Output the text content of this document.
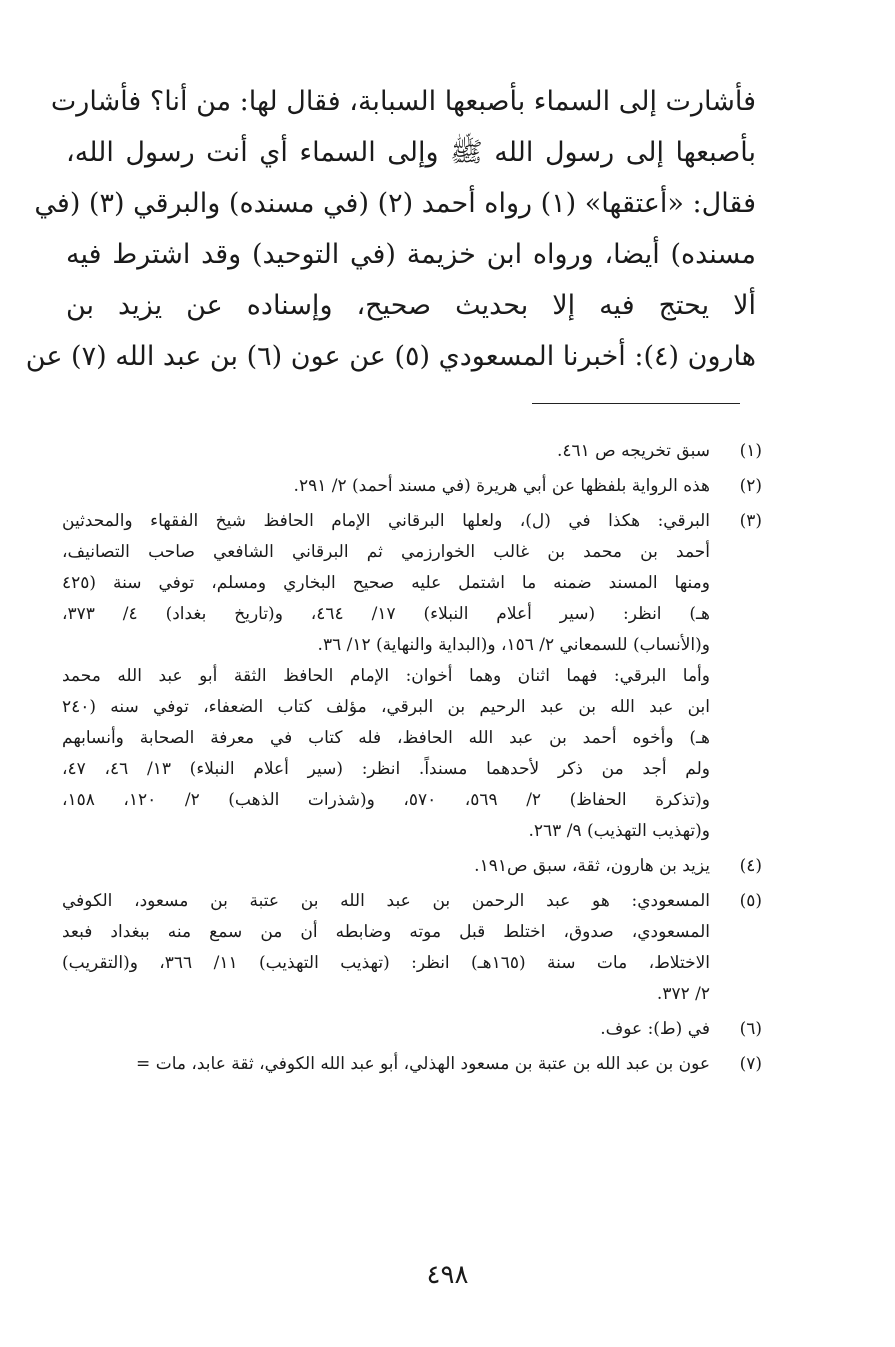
فأشارت إلى السماء بأصبعها السبابة، فقال لها: من أنا؟ فأشارت
بأصبعها إلى رسول الله ﷺ وإلى السماء أي أنت رسول الله،
فقال: «أعتقها» (١) رواه أحمد (٢) (في مسنده) والبرقي (٣) (في
مسنده) أيضا، ورواه ابن خزيمة (في التوحيد) وقد اشترط فيه
ألا يحتج فيه إلا بحديث صحيح، وإسناده عن يزيد بن
هارون (٤): أخبرنا المسعودي (٥) عن عون (٦) بن عبد الله (٧) عن
(١)
سبق تخريجه ص ٤٦١.
(٢)
هذه الرواية بلفظها عن أبي هريرة (في مسند أحمد) ٢/ ٢٩١.
(٣)
البرقي: هكذا في (ل)، ولعلها البرقاني الإمام الحافظ شيخ الفقهاء والمحدثين
أحمد بن محمد بن غالب الخوارزمي ثم البرقاني الشافعي صاحب التصانيف،
ومنها المسند ضمنه ما اشتمل عليه صحيح البخاري ومسلم، توفي سنة (٤٢٥
هـ) انظر: (سير أعلام النبلاء) ١٧/ ٤٦٤، و(تاريخ بغداد) ٤/ ٣٧٣،
و(الأنساب) للسمعاني ٢/ ١٥٦، و(البداية والنهاية) ١٢/ ٣٦.
وأما البرقي: فهما اثنان وهما أخوان: الإمام الحافظ الثقة أبو عبد الله محمد
ابن عبد الله بن عبد الرحيم بن البرقي، مؤلف كتاب الضعفاء، توفي سنه (٢٤٠
هـ) وأخوه أحمد بن عبد الله الحافظ، فله كتاب في معرفة الصحابة وأنسابهم
ولم أجد من ذكر لأحدهما مسنداً. انظر: (سير أعلام النبلاء) ١٣/ ٤٦، ٤٧،
و(تذكرة الحفاظ) ٢/ ٥٦٩، ٥٧٠، و(شذرات الذهب) ٢/ ١٢٠، ١٥٨،
و(تهذيب التهذيب) ٩/ ٢٦٣.
(٤)
يزيد بن هارون، ثقة، سبق ص١٩١.
(٥)
المسعودي: هو عبد الرحمن بن عبد الله بن عتبة بن مسعود، الكوفي
المسعودي، صدوق، اختلط قبل موته وضابطه أن من سمع منه ببغداد فبعد
الاختلاط، مات سنة (١٦٥هـ) انظر: (تهذيب التهذيب) ١١/ ٣٦٦، و(التقريب)
٢/ ٣٧٢.
(٦)
في (ط): عوف.
(٧)
عون بن عبد الله بن عتبة بن مسعود الهذلي، أبو عبد الله الكوفي، ثقة عابد، مات =
٤٩٨
